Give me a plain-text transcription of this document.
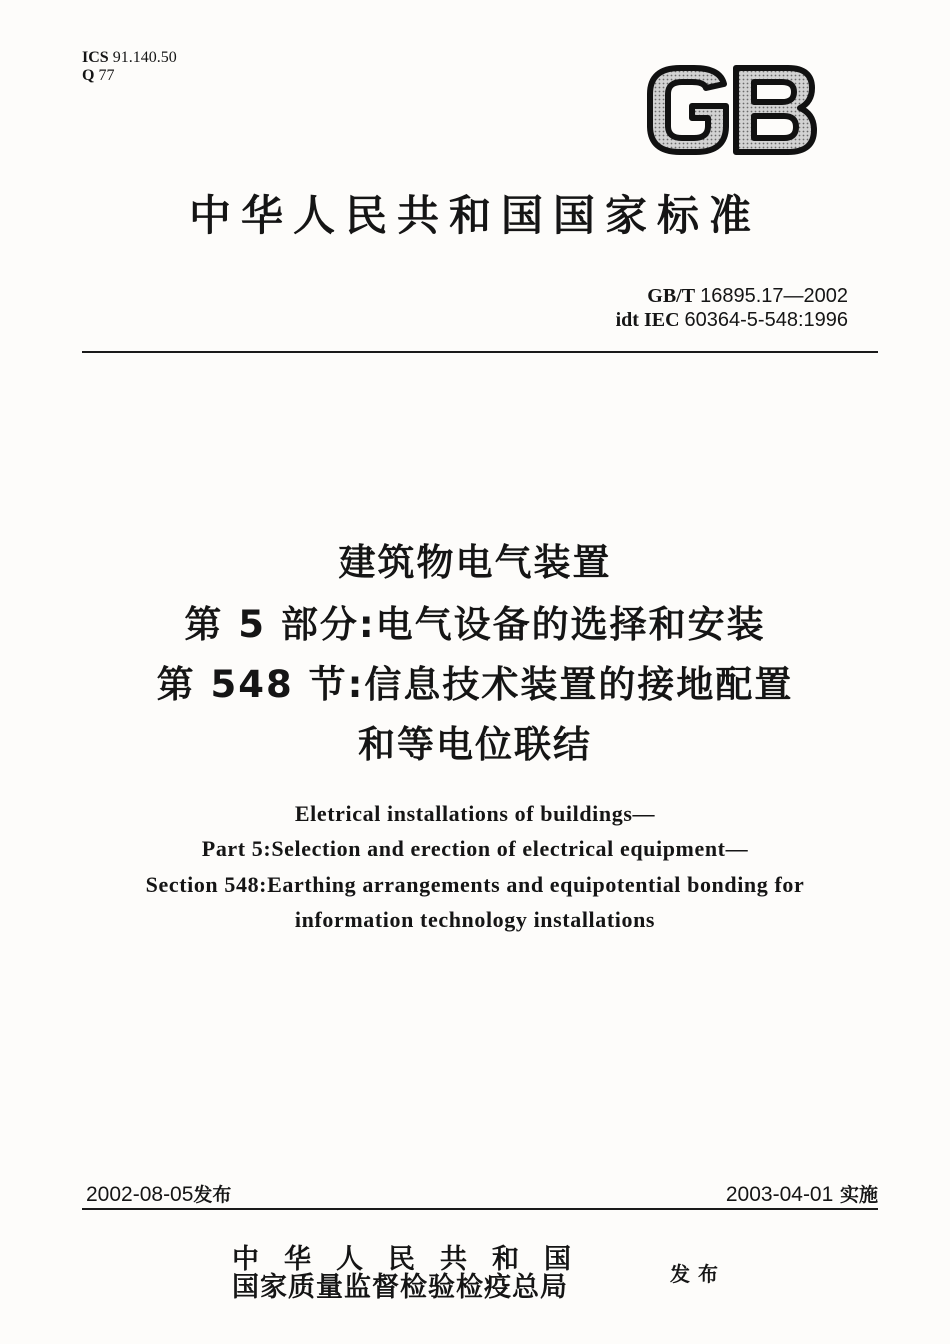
ICS 91.140.50
Q 77
中华人民共和国国家标准
GB/T 16895.17—2002
idt IEC 60364-5-548:1996
建筑物电气装置
第 5 部分:电气设备的选择和安装
第 548 节:信息技术装置的接地配置
和等电位联结
Eletrical installations of buildings—
Part 5:Selection and erection of electrical equipment—
Section 548:Earthing arrangements and equipotential bonding for
information technology installations
2002-08-05发布	2003-04-01 实施
中华人民共和国
国家质量监督检验检疫总局	发布
